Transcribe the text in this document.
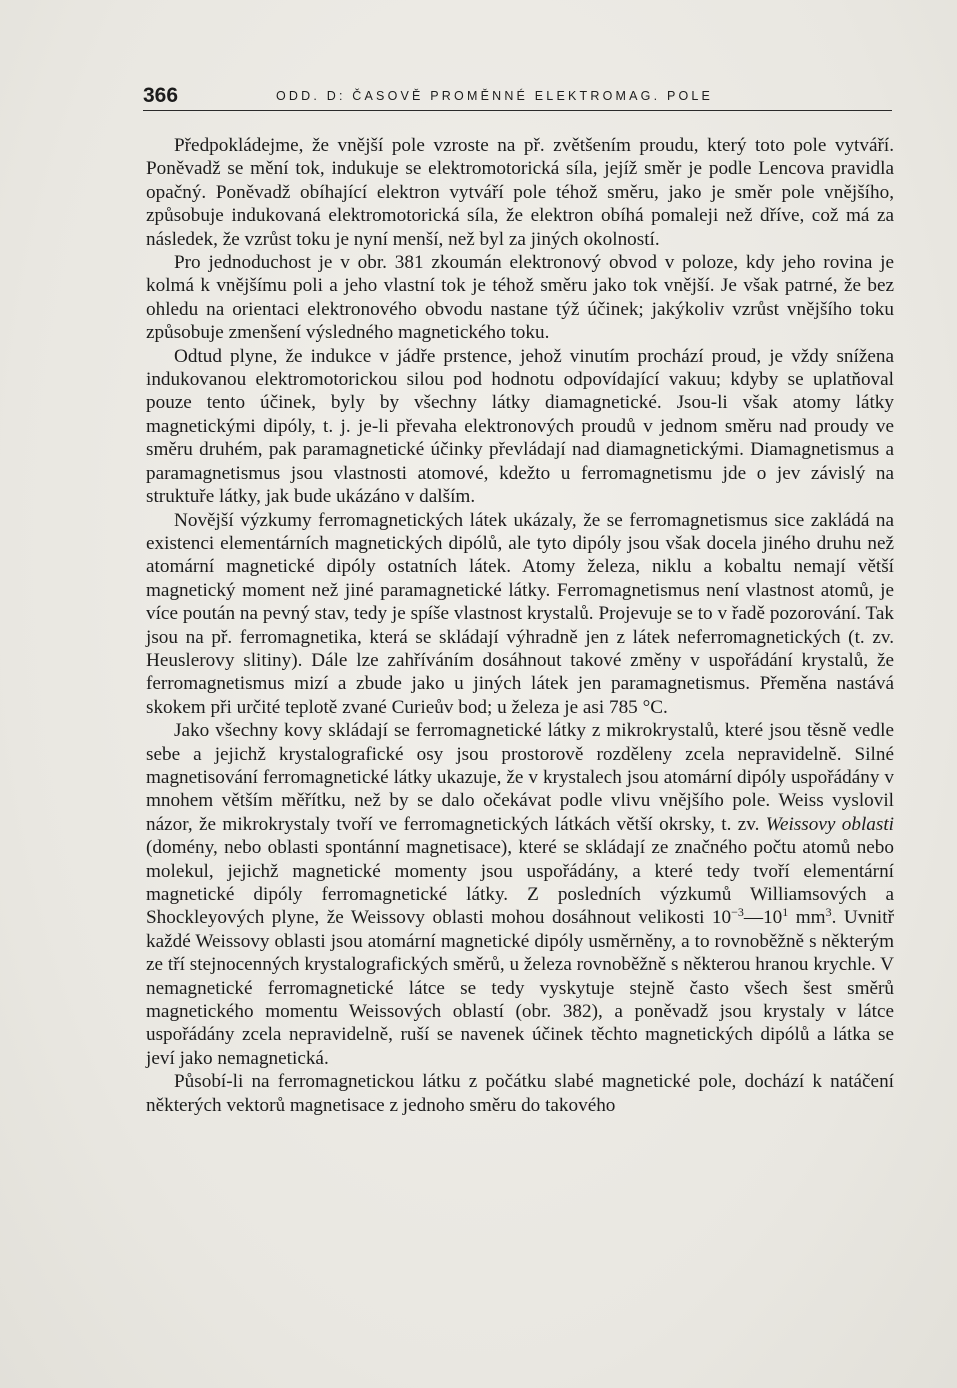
366	ODD. D: ČASOVĚ PROMĚNNÉ ELEKTROMAG. POLE

Předpokládejme, že vnější pole vzroste na př. zvětšením proudu, který toto pole vytváří. Poněvadž se mění tok, indukuje se elektromotorická síla, jejíž směr je podle Lencova pravidla opačný. Poněvadž obíhající elektron vytváří pole téhož směru, jako je směr pole vnějšího, způsobuje indukovaná elektromotorická síla, že elektron obíhá pomaleji než dříve, což má za následek, že vzrůst toku je nyní menší, než byl za jiných okolností.

Pro jednoduchost je v obr. 381 zkoumán elektronový obvod v poloze, kdy jeho rovina je kolmá k vnějšímu poli a jeho vlastní tok je téhož směru jako tok vnější. Je však patrné, že bez ohledu na orientaci elektronového obvodu nastane týž účinek; jakýkoliv vzrůst vnějšího toku způsobuje zmenšení výsledného magnetického toku.

Odtud plyne, že indukce v jádře prstence, jehož vinutím prochází proud, je vždy snížena indukovanou elektromotorickou silou pod hodnotu odpovídající vakuu; kdyby se uplatňoval pouze tento účinek, byly by všechny látky diamagnetické. Jsou-li však atomy látky magnetickými dipóly, t. j. je-li převaha elektronových proudů v jednom směru nad proudy ve směru druhém, pak paramagnetické účinky převládají nad diamagnetickými. Diamagnetismus a paramagnetismus jsou vlastnosti atomové, kdežto u ferromagnetismu jde o jev závislý na struktuře látky, jak bude ukázáno v dalším.

Novější výzkumy ferromagnetických látek ukázaly, že se ferromagnetismus sice zakládá na existenci elementárních magnetických dipólů, ale tyto dipóly jsou však docela jiného druhu než atomární magnetické dipóly ostatních látek. Atomy železa, niklu a kobaltu nemají větší magnetický moment než jiné paramagnetické látky. Ferromagnetismus není vlastnost atomů, je více poután na pevný stav, tedy je spíše vlastnost krystalů. Projevuje se to v řadě pozorování. Tak jsou na př. ferromagnetika, která se skládají výhradně jen z látek neferromagnetických (t. zv. Heuslerovy slitiny). Dále lze zahříváním dosáhnout takové změny v uspořádání krystalů, že ferromagnetismus mizí a zbude jako u jiných látek jen paramagnetismus. Přeměna nastává skokem při určité teplotě zvané Curieův bod; u železa je asi 785 °C.

Jako všechny kovy skládají se ferromagnetické látky z mikrokrystalů, které jsou těsně vedle sebe a jejichž krystalografické osy jsou prostorově rozděleny zcela nepravidelně. Silné magnetisování ferromagnetické látky ukazuje, že v krystalech jsou atomární dipóly uspořádány v mnohem větším měřítku, než by se dalo očekávat podle vlivu vnějšího pole. Weiss vyslovil názor, že mikrokrystaly tvoří ve ferromagnetických látkách větší okrsky, t. zv. Weissovy oblasti (domény, nebo oblasti spontánní magnetisace), které se skládají ze značného počtu atomů nebo molekul, jejichž magnetické momenty jsou uspořádány, a které tedy tvoří elementární magnetické dipóly ferromagnetické látky. Z posledních výzkumů Williamsových a Shockleyových plyne, že Weissovy oblasti mohou dosáhnout velikosti $10^{-3}—10^1$ $mm^3$. Uvnitř každé Weissovy oblasti jsou atomární magnetické dipóly usměrněny, a to rovnoběžně s některým ze tří stejnocenných krystalografických směrů, u železa rovnoběžně s některou hranou krychle. V nemagnetické ferromagnetické látce se tedy vyskytuje stejně často všech šest směrů magnetického momentu Weissových oblastí (obr. 382), a poněvadž jsou krystaly v látce uspořádány zcela nepravidelně, ruší se navenek účinek těchto magnetických dipólů a látka se jeví jako nemagnetická.

Působí-li na ferromagnetickou látku z počátku slabé magnetické pole, dochází k natáčení některých vektorů magnetisace z jednoho směru do takového
